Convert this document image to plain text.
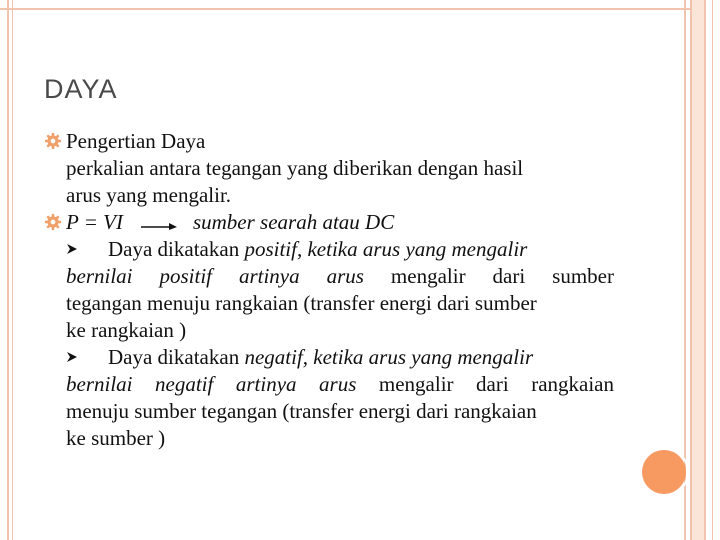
DAYA
Pengertian Daya
perkalian antara tegangan yang diberikan dengan hasil
arus yang mengalir.
P = VI	sumber searah atau DC
Daya dikatakan positif, ketika arus yang mengalir
bernilai positif artinya arus mengalir dari sumber
tegangan menuju rangkaian (transfer energi dari sumber
ke rangkaian )
Daya dikatakan negatif, ketika arus yang mengalir
bernilai negatif artinya arus mengalir dari rangkaian
menuju sumber tegangan (transfer energi dari rangkaian
ke sumber )
